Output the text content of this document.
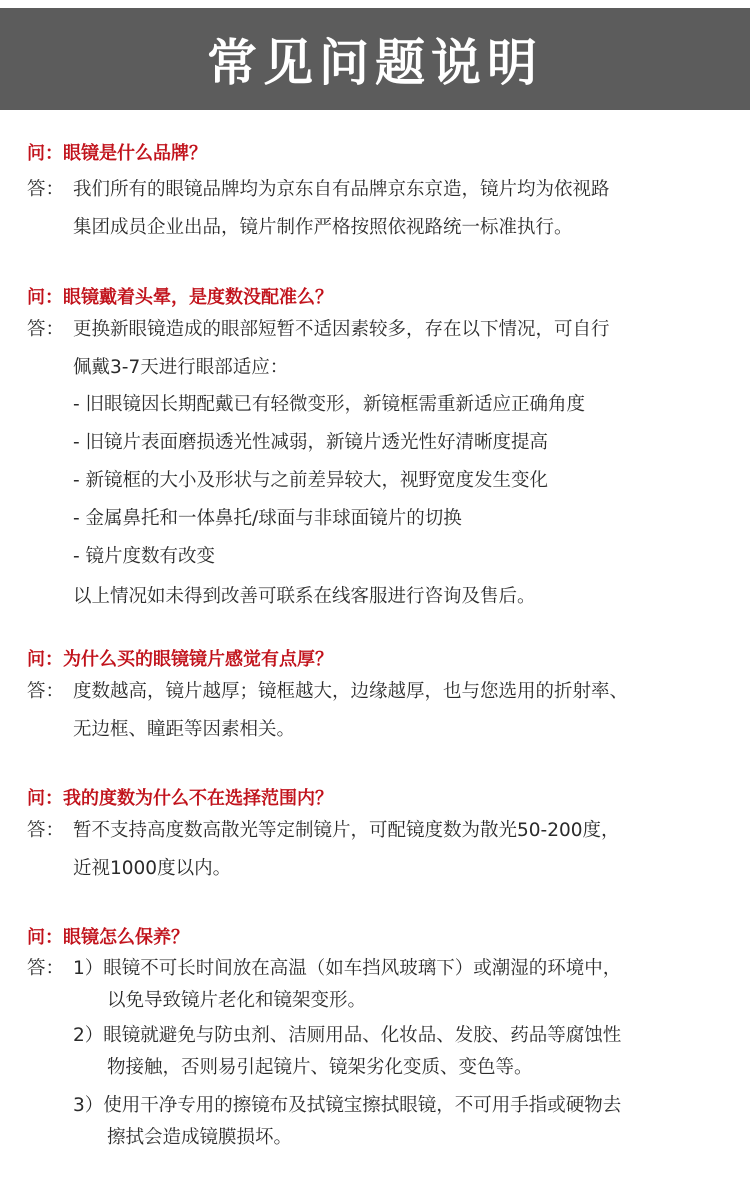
常见问题说明
问：眼镜是什么品牌？
答： 我们所有的眼镜品牌均为京东自有品牌京东京造，镜片均为依视路
集团成员企业出品，镜片制作严格按照依视路统一标准执行。
问：眼镜戴着头晕，是度数没配准么？
答： 更换新眼镜造成的眼部短暂不适因素较多，存在以下情况，可自行
佩戴3-7天进行眼部适应：
- 旧眼镜因长期配戴已有轻微变形，新镜框需重新适应正确角度
- 旧镜片表面磨损透光性减弱，新镜片透光性好清晰度提高
- 新镜框的大小及形状与之前差异较大，视野宽度发生变化
- 金属鼻托和一体鼻托/球面与非球面镜片的切换
- 镜片度数有改变
以上情况如未得到改善可联系在线客服进行咨询及售后。
问：为什么买的眼镜镜片感觉有点厚？
答： 度数越高，镜片越厚；镜框越大，边缘越厚，也与您选用的折射率、
无边框、瞳距等因素相关。
问：我的度数为什么不在选择范围内？
答： 暂不支持高度数高散光等定制镜片，可配镜度数为散光50-200度，
近视1000度以内。
问：眼镜怎么保养？
答： 1）眼镜不可长时间放在高温（如车挡风玻璃下）或潮湿的环境中，
以免导致镜片老化和镜架变形。
2）眼镜就避免与防虫剂、洁厕用品、化妆品、发胶、药品等腐蚀性
物接触，否则易引起镜片、镜架劣化变质、变色等。
3）使用干净专用的擦镜布及拭镜宝擦拭眼镜，不可用手指或硬物去
擦拭会造成镜膜损坏。
